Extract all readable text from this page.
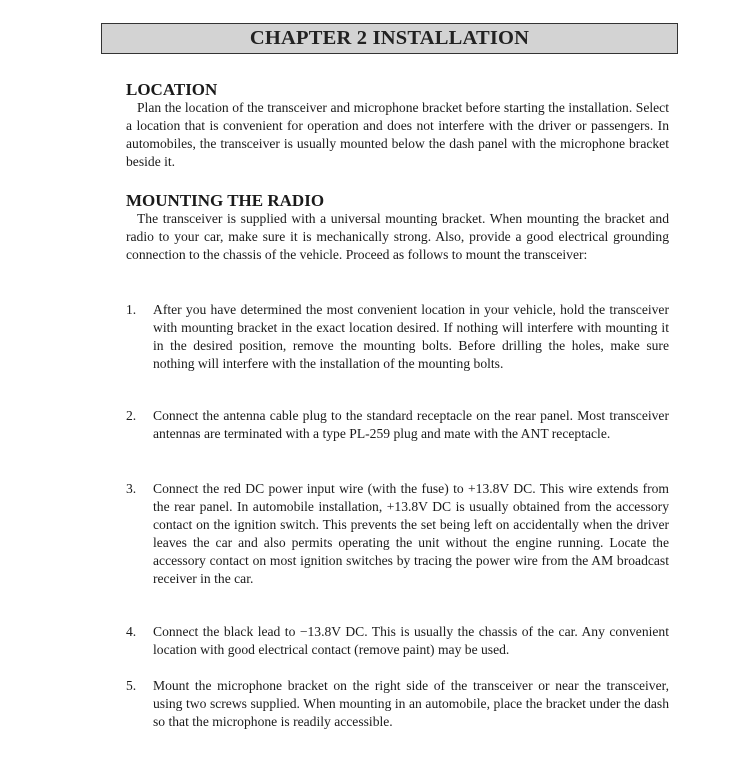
CHAPTER 2 INSTALLATION
LOCATION

Plan the location of the transceiver and microphone bracket before starting the installation. Select a location that is convenient for operation and does not interfere with the driver or passengers. In automobiles, the transceiver is usually mounted below the dash panel with the microphone bracket beside it.

MOUNTING THE RADIO

The transceiver is supplied with a universal mounting bracket. When mounting the bracket and radio to your car, make sure it is mechanically strong. Also, provide a good electrical grounding connection to the chassis of the vehicle. Proceed as follows to mount the transceiver:

1. After you have determined the most convenient location in your vehicle, hold the transceiver with mounting bracket in the exact location desired. If nothing will interfere with mounting it in the desired position, remove the mounting bolts. Before drilling the holes, make sure nothing will interfere with the installation of the mounting bolts.
2. Connect the antenna cable plug to the standard receptacle on the rear panel. Most transceiver antennas are terminated with a type PL-259 plug and mate with the ANT receptacle.
3. Connect the red DC power input wire (with the fuse) to +13.8V DC. This wire extends from the rear panel. In automobile installation, +13.8V DC is usually obtained from the accessory contact on the ignition switch. This prevents the set being left on accidentally when the driver leaves the car and also permits operating the unit without the engine running. Locate the accessory contact on most ignition switches by tracing the power wire from the AM broadcast receiver in the car.
4. Connect the black lead to −13.8V DC. This is usually the chassis of the car. Any convenient location with good electrical contact (remove paint) may be used.
5. Mount the microphone bracket on the right side of the transceiver or near the transceiver, using two screws supplied. When mounting in an automobile, place the bracket under the dash so that the microphone is readily accessible.
